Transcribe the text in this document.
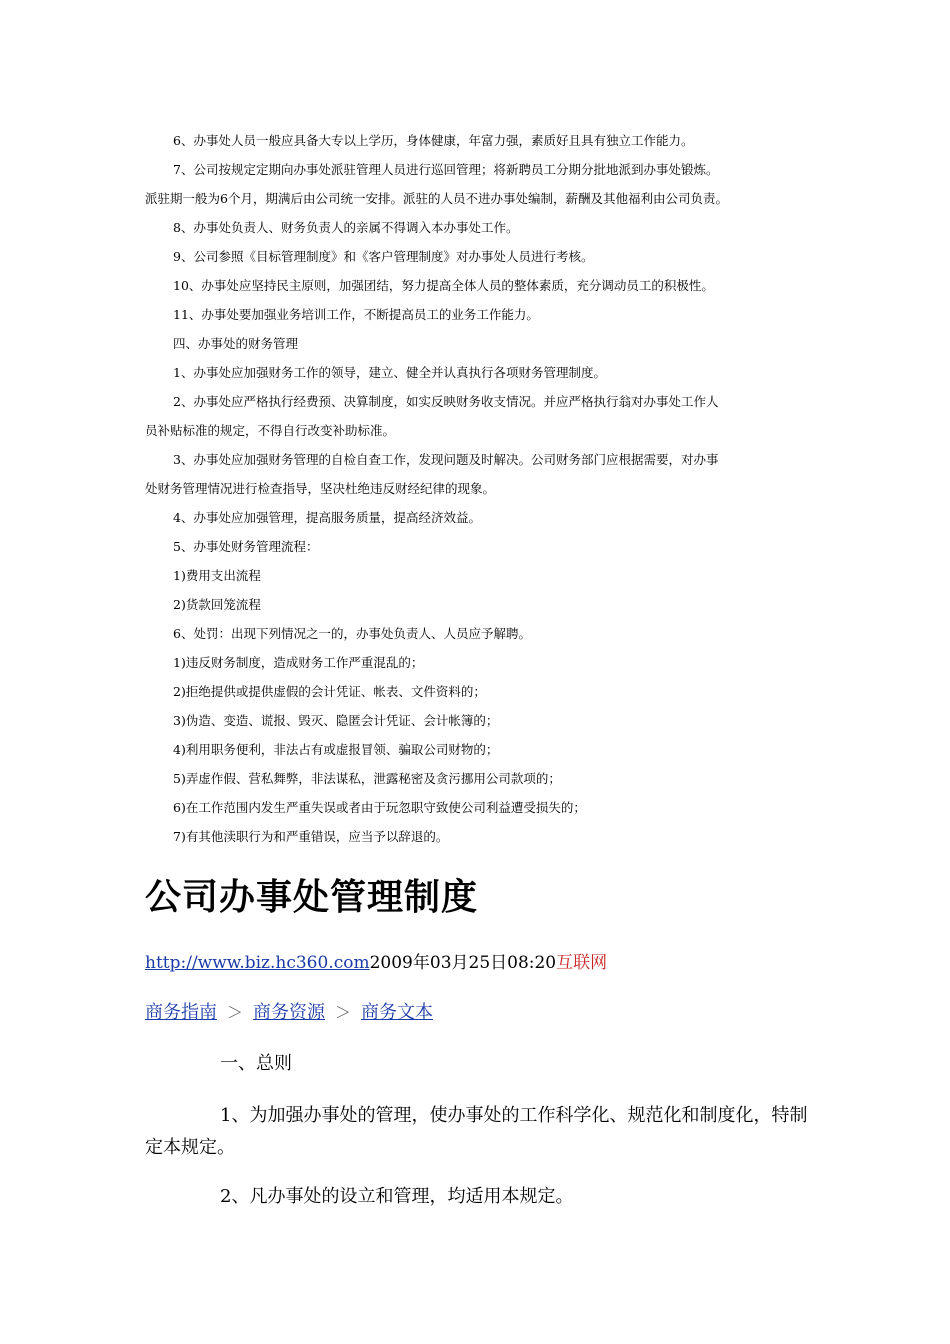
6、办事处人员一般应具备大专以上学历，身体健康，年富力强，素质好且具有独立工作能力。

7、公司按规定定期向办事处派驻管理人员进行巡回管理；将新聘员工分期分批地派到办事处锻炼。

派驻期一般为6个月，期满后由公司统一安排。派驻的人员不进办事处编制，薪酬及其他福利由公司负责。

8、办事处负责人、财务负责人的亲属不得调入本办事处工作。

9、公司参照《目标管理制度》和《客户管理制度》对办事处人员进行考核。

10、办事处应坚持民主原则，加强团结，努力提高全体人员的整体素质，充分调动员工的积极性。

11、办事处要加强业务培训工作，不断提高员工的业务工作能力。

四、办事处的财务管理

1、办事处应加强财务工作的领导，建立、健全并认真执行各项财务管理制度。

2、办事处应严格执行经费预、决算制度，如实反映财务收支情况。并应严格执行翁对办事处工作人

员补贴标准的规定，不得自行改变补助标准。

3、办事处应加强财务管理的自检自查工作，发现问题及时解决。公司财务部门应根据需要，对办事

处财务管理情况进行检查指导，坚决杜绝违反财经纪律的现象。

4、办事处应加强管理，提高服务质量，提高经济效益。

5、办事处财务管理流程：

1)费用支出流程

2)货款回笼流程

6、处罚：出现下列情况之一的，办事处负责人、人员应予解聘。

1)违反财务制度，造成财务工作严重混乱的；

2)拒绝提供或提供虚假的会计凭证、帐表、文件资料的；

3)伪造、变造、谎报、毁灭、隐匿会计凭证、会计帐簿的；

4)利用职务便利，非法占有或虚报冒领、骗取公司财物的；

5)弄虚作假、营私舞弊，非法谋私，泄露秘密及贪污挪用公司款项的；

6)在工作范围内发生严重失误或者由于玩忽职守致使公司利益遭受损失的；

7)有其他渎职行为和严重错误，应当予以辞退的。

公司办事处管理制度
http://www.biz.hc360.com2009年03月25日08:20互联网
商务指南 ＞ 商务资源 ＞ 商务文本

一、总则

1、为加强办事处的管理，使办事处的工作科学化、规范化和制度化，特制定本规定。

2、凡办事处的设立和管理，均适用本规定。
